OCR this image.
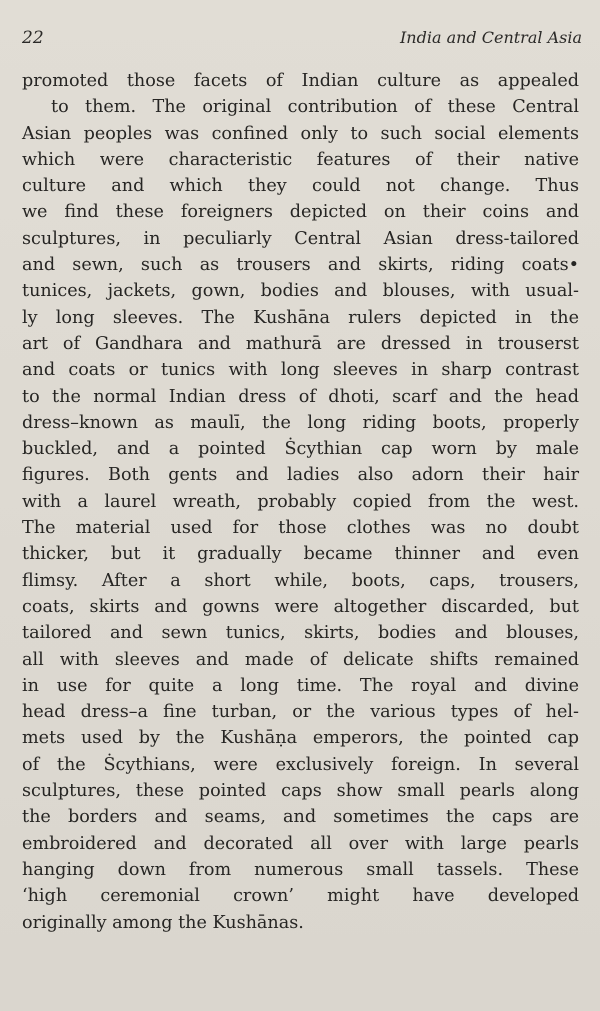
22	India and Central Asia
promoted those facets of Indian culture as appealed
to them. The original contribution of these Central
Asian peoples was confined only to such social elements
which were characteristic features of their native
culture and which they could not change. Thus
we find these foreigners depicted on their coins and
sculptures, in peculiarly Central Asian dress-tailored
and sewn, such as trousers and skirts, riding coats•
tunices, jackets, gown, bodies and blouses, with usual-
ly long sleeves. The Kushāna rulers depicted in the
art of Gandhara and mathurā are dressed in trouserst
and coats or tunics with long sleeves in sharp contrast
to the normal Indian dress of dhoti, scarf and the head
dress–known as maulī, the long riding boots, properly
buckled, and a pointed Ṡcythian cap worn by male
figures. Both gents and ladies also adorn their hair
with a laurel wreath, probably copied from the west.
The material used for those clothes was no doubt
thicker, but it gradually became thinner and even
flimsy. After a short while, boots, caps, trousers,
coats, skirts and gowns were altogether discarded, but
tailored and sewn tunics, skirts, bodies and blouses,
all with sleeves and made of delicate shifts remained
in use for quite a long time. The royal and divine
head dress–a fine turban, or the various types of hel-
mets used by the Kushāṇa emperors, the pointed cap
of the Ṡcythians, were exclusively foreign. In several
sculptures, these pointed caps show small pearls along
the borders and seams, and sometimes the caps are
embroidered and decorated all over with large pearls
hanging down from numerous small tassels. These
‘high ceremonial crown’ might have developed
originally among the Kushānas.
